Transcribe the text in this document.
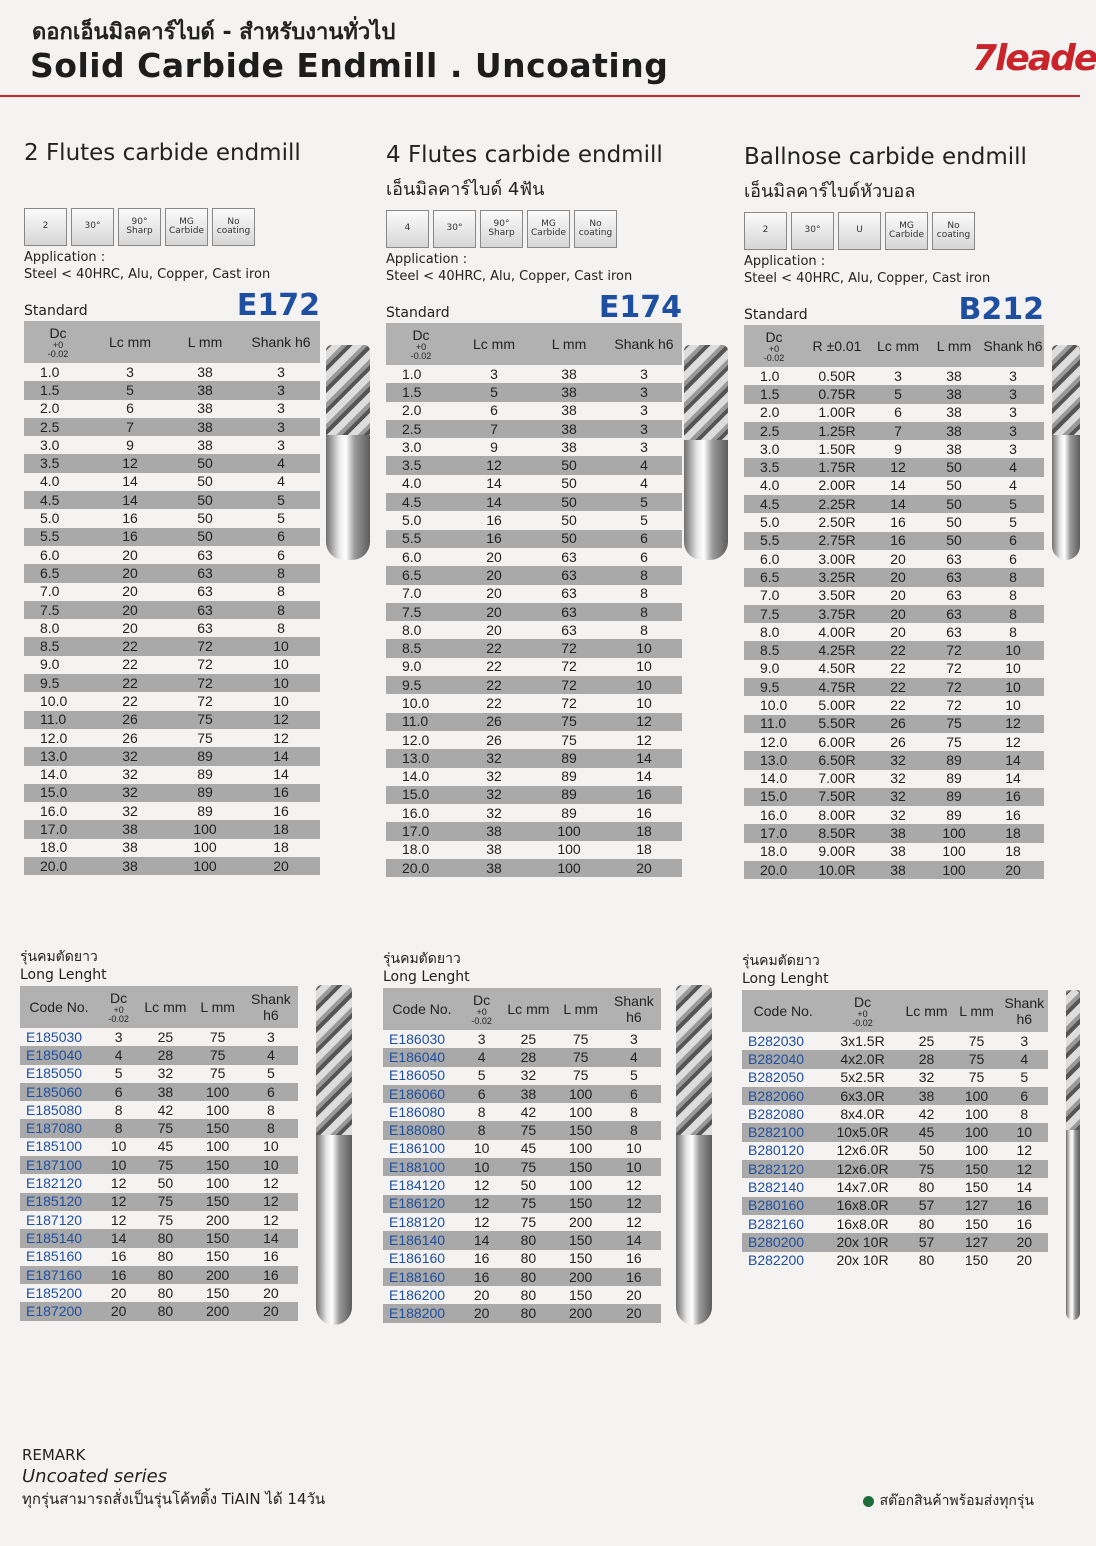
ดอกเอ็นมิลคาร์ไบด์ - สำหรับงานทั่วไป
Solid Carbide Endmill . Uncoating	7leade
2 Flutes carbide endmill
2	30°	90° Sharp
MG Carbide
No coating
Application :
Steel < 40HRC, Alu, Copper, Cast iron
Standard	E172
Dc
+0
-0.02	Lc mm	L mm	Shank h6

1.0	3	38	3
1.5	5	38	3
2.0	6	38	3
2.5	7	38	3
3.0	9	38	3
3.5	12	50	4
4.0	14	50	4
4.5	14	50	5
5.0	16	50	5
5.5	16	50	6
6.0	20	63	6
6.5	20	63	8
7.0	20	63	8
7.5	20	63	8
8.0	20	63	8
8.5	22	72	10
9.0	22	72	10
9.5	22	72	10
10.0	22	72	10
11.0	26	75	12
12.0	26	75	12
13.0	32	89	14
14.0	32	89	14
15.0	32	89	16
16.0	32	89	16
17.0	38	100	18
18.0	38	100	18
20.0	38	100	20
4 Flutes carbide endmill
เอ็นมิลคาร์ไบด์ 4ฟัน
4	30°	90° Sharp
MG Carbide
No coating
Application :
Steel < 40HRC, Alu, Copper, Cast iron
Standard	E174
Dc
+0
-0.02	Lc mm	L mm	Shank h6

1.0	3	38	3
1.5	5	38	3
2.0	6	38	3
2.5	7	38	3
3.0	9	38	3
3.5	12	50	4
4.0	14	50	4
4.5	14	50	5
5.0	16	50	5
5.5	16	50	6
6.0	20	63	6
6.5	20	63	8
7.0	20	63	8
7.5	20	63	8
8.0	20	63	8
8.5	22	72	10
9.0	22	72	10
9.5	22	72	10
10.0	22	72	10
11.0	26	75	12
12.0	26	75	12
13.0	32	89	14
14.0	32	89	14
15.0	32	89	16
16.0	32	89	16
17.0	38	100	18
18.0	38	100	18
20.0	38	100	20
Ballnose carbide endmill
เอ็นมิลคาร์ไบด์หัวบอล
2	30°	U	MG Carbide
No coating
Application :
Steel < 40HRC, Alu, Copper, Cast iron
Standard	B212
Dc
+0
-0.02	R ±0.01	Lc mm	L mm	Shank h6

1.0	0.50R	3	38	3
1.5	0.75R	5	38	3
2.0	1.00R	6	38	3
2.5	1.25R	7	38	3
3.0	1.50R	9	38	3
3.5	1.75R	12	50	4
4.0	2.00R	14	50	4
4.5	2.25R	14	50	5
5.0	2.50R	16	50	5
5.5	2.75R	16	50	6
6.0	3.00R	20	63	6
6.5	3.25R	20	63	8
7.0	3.50R	20	63	8
7.5	3.75R	20	63	8
8.0	4.00R	20	63	8
8.5	4.25R	22	72	10
9.0	4.50R	22	72	10
9.5	4.75R	22	72	10
10.0	5.00R	22	72	10
11.0	5.50R	26	75	12
12.0	6.00R	26	75	12
13.0	6.50R	32	89	14
14.0	7.00R	32	89	14
15.0	7.50R	32	89	16
16.0	8.00R	32	89	16
17.0	8.50R	38	100	18
18.0	9.00R	38	100	18
20.0	10.0R	38	100	20
รุ่นคมตัดยาว
Long Lenght
Code No.	Dc
+0
-0.02	Lc mm	L mm	Shank h6

E185030	3	25	75	3
E185040	4	28	75	4
E185050	5	32	75	5
E185060	6	38	100	6
E185080	8	42	100	8
E187080	8	75	150	8
E185100	10	45	100	10
E187100	10	75	150	10
E182120	12	50	100	12
E185120	12	75	150	12
E187120	12	75	200	12
E185140	14	80	150	14
E185160	16	80	150	16
E187160	16	80	200	16
E185200	20	80	150	20
E187200	20	80	200	20
รุ่นคมตัดยาว
Long Lenght
Code No.	Dc
+0
-0.02	Lc mm	L mm	Shank h6

E186030	3	25	75	3
E186040	4	28	75	4
E186050	5	32	75	5
E186060	6	38	100	6
E186080	8	42	100	8
E188080	8	75	150	8
E186100	10	45	100	10
E188100	10	75	150	10
E184120	12	50	100	12
E186120	12	75	150	12
E188120	12	75	200	12
E186140	14	80	150	14
E186160	16	80	150	16
E188160	16	80	200	16
E186200	20	80	150	20
E188200	20	80	200	20
รุ่นคมตัดยาว
Long Lenght
Code No.	Dc
+0
-0.02	Lc mm	L mm	Shank h6

B282030	3x1.5R	25	75	3
B282040	4x2.0R	28	75	4
B282050	5x2.5R	32	75	5
B282060	6x3.0R	38	100	6
B282080	8x4.0R	42	100	8
B282100	10x5.0R	45	100	10
B280120	12x6.0R	50	100	12
B282120	12x6.0R	75	150	12
B282140	14x7.0R	80	150	14
B280160	16x8.0R	57	127	16
B282160	16x8.0R	80	150	16
B280200	20x 10R	57	127	20
B282200	20x 10R	80	150	20
REMARK
Uncoated series
ทุกรุ่นสามารถสั่งเป็นรุ่นโค้ทติ้ง TiAIN ได้ 14วัน	สต๊อกสินค้าพร้อมส่งทุกรุ่น
